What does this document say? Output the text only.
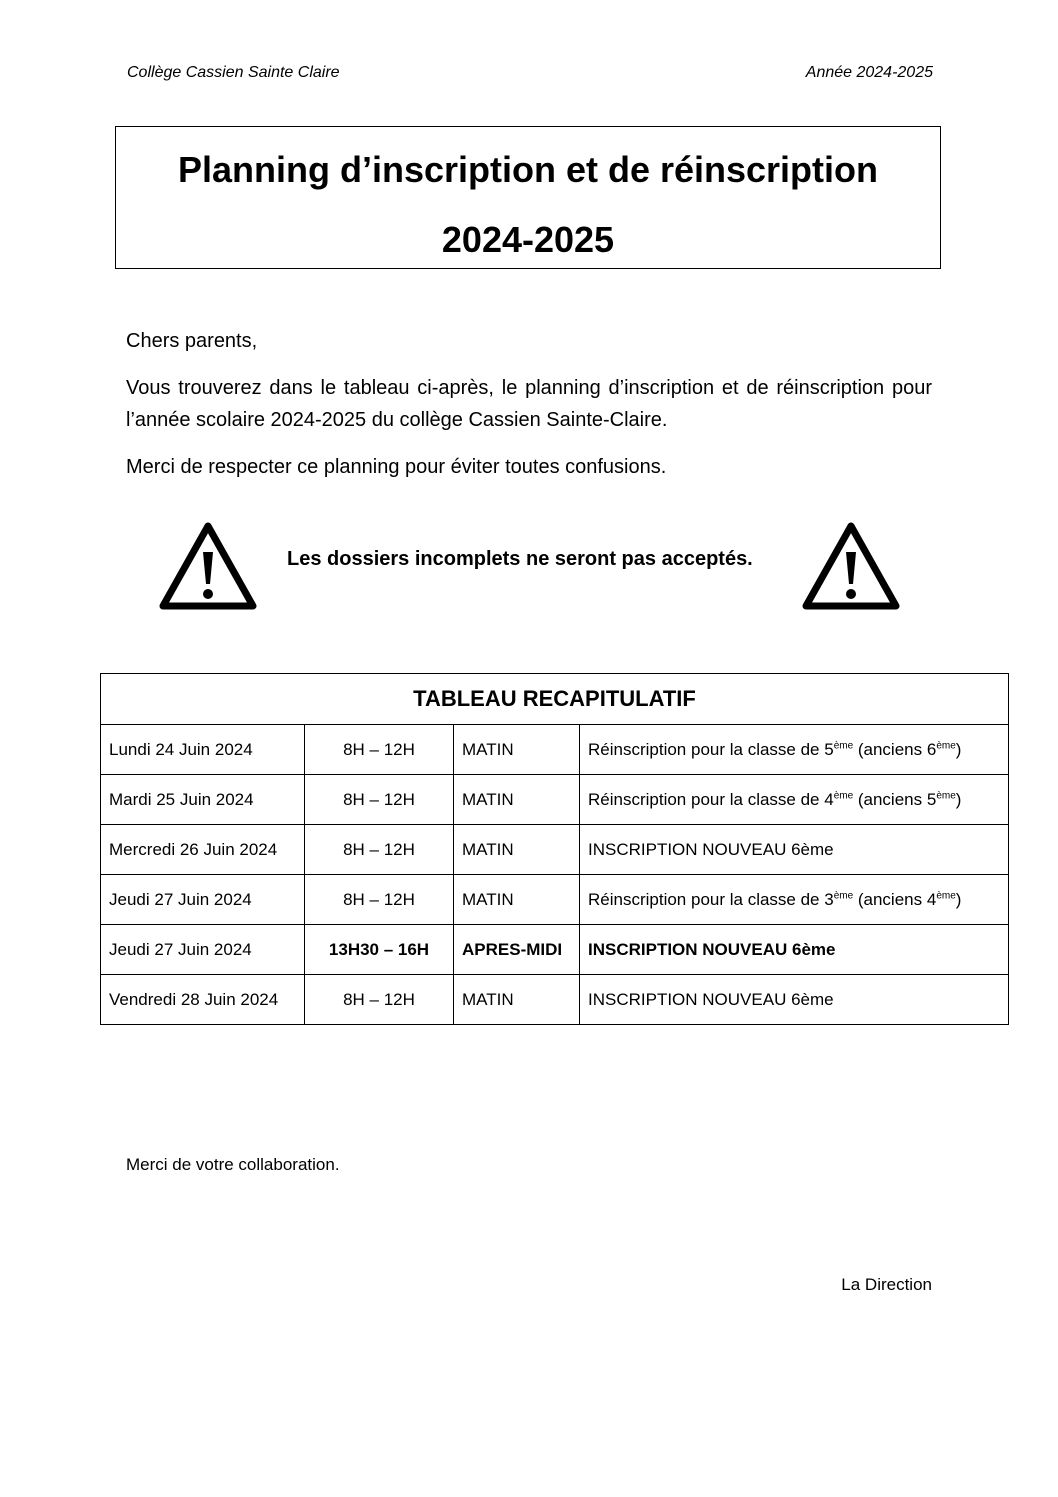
Collège Cassien Sainte Claire	Année 2024-2025
Planning d’inscription et de réinscription
2024-2025
Chers parents,
Vous trouverez dans le tableau ci-après, le planning d’inscription et de réinscription pour l’année scolaire 2024-2025 du collège Cassien Sainte-Claire.
Merci de respecter ce planning pour éviter toutes confusions.
Les dossiers incomplets ne seront pas acceptés.
TABLEAU RECAPITULATIF			
Lundi 24 Juin 2024	8H – 12H	MATIN	Réinscription pour la classe de 5ème (anciens 6ème)
Mardi 25 Juin 2024	8H – 12H	MATIN	Réinscription pour la classe de 4ème (anciens 5ème)
Mercredi 26 Juin 2024	8H – 12H	MATIN	INSCRIPTION NOUVEAU 6ème
Jeudi 27 Juin 2024	8H – 12H	MATIN	Réinscription pour la classe de 3ème (anciens 4ème)
Jeudi 27 Juin 2024	13H30 – 16H	APRES-MIDI	INSCRIPTION NOUVEAU 6ème
Vendredi 28 Juin 2024	8H – 12H	MATIN	INSCRIPTION NOUVEAU 6ème
Merci de votre collaboration.
La Direction
